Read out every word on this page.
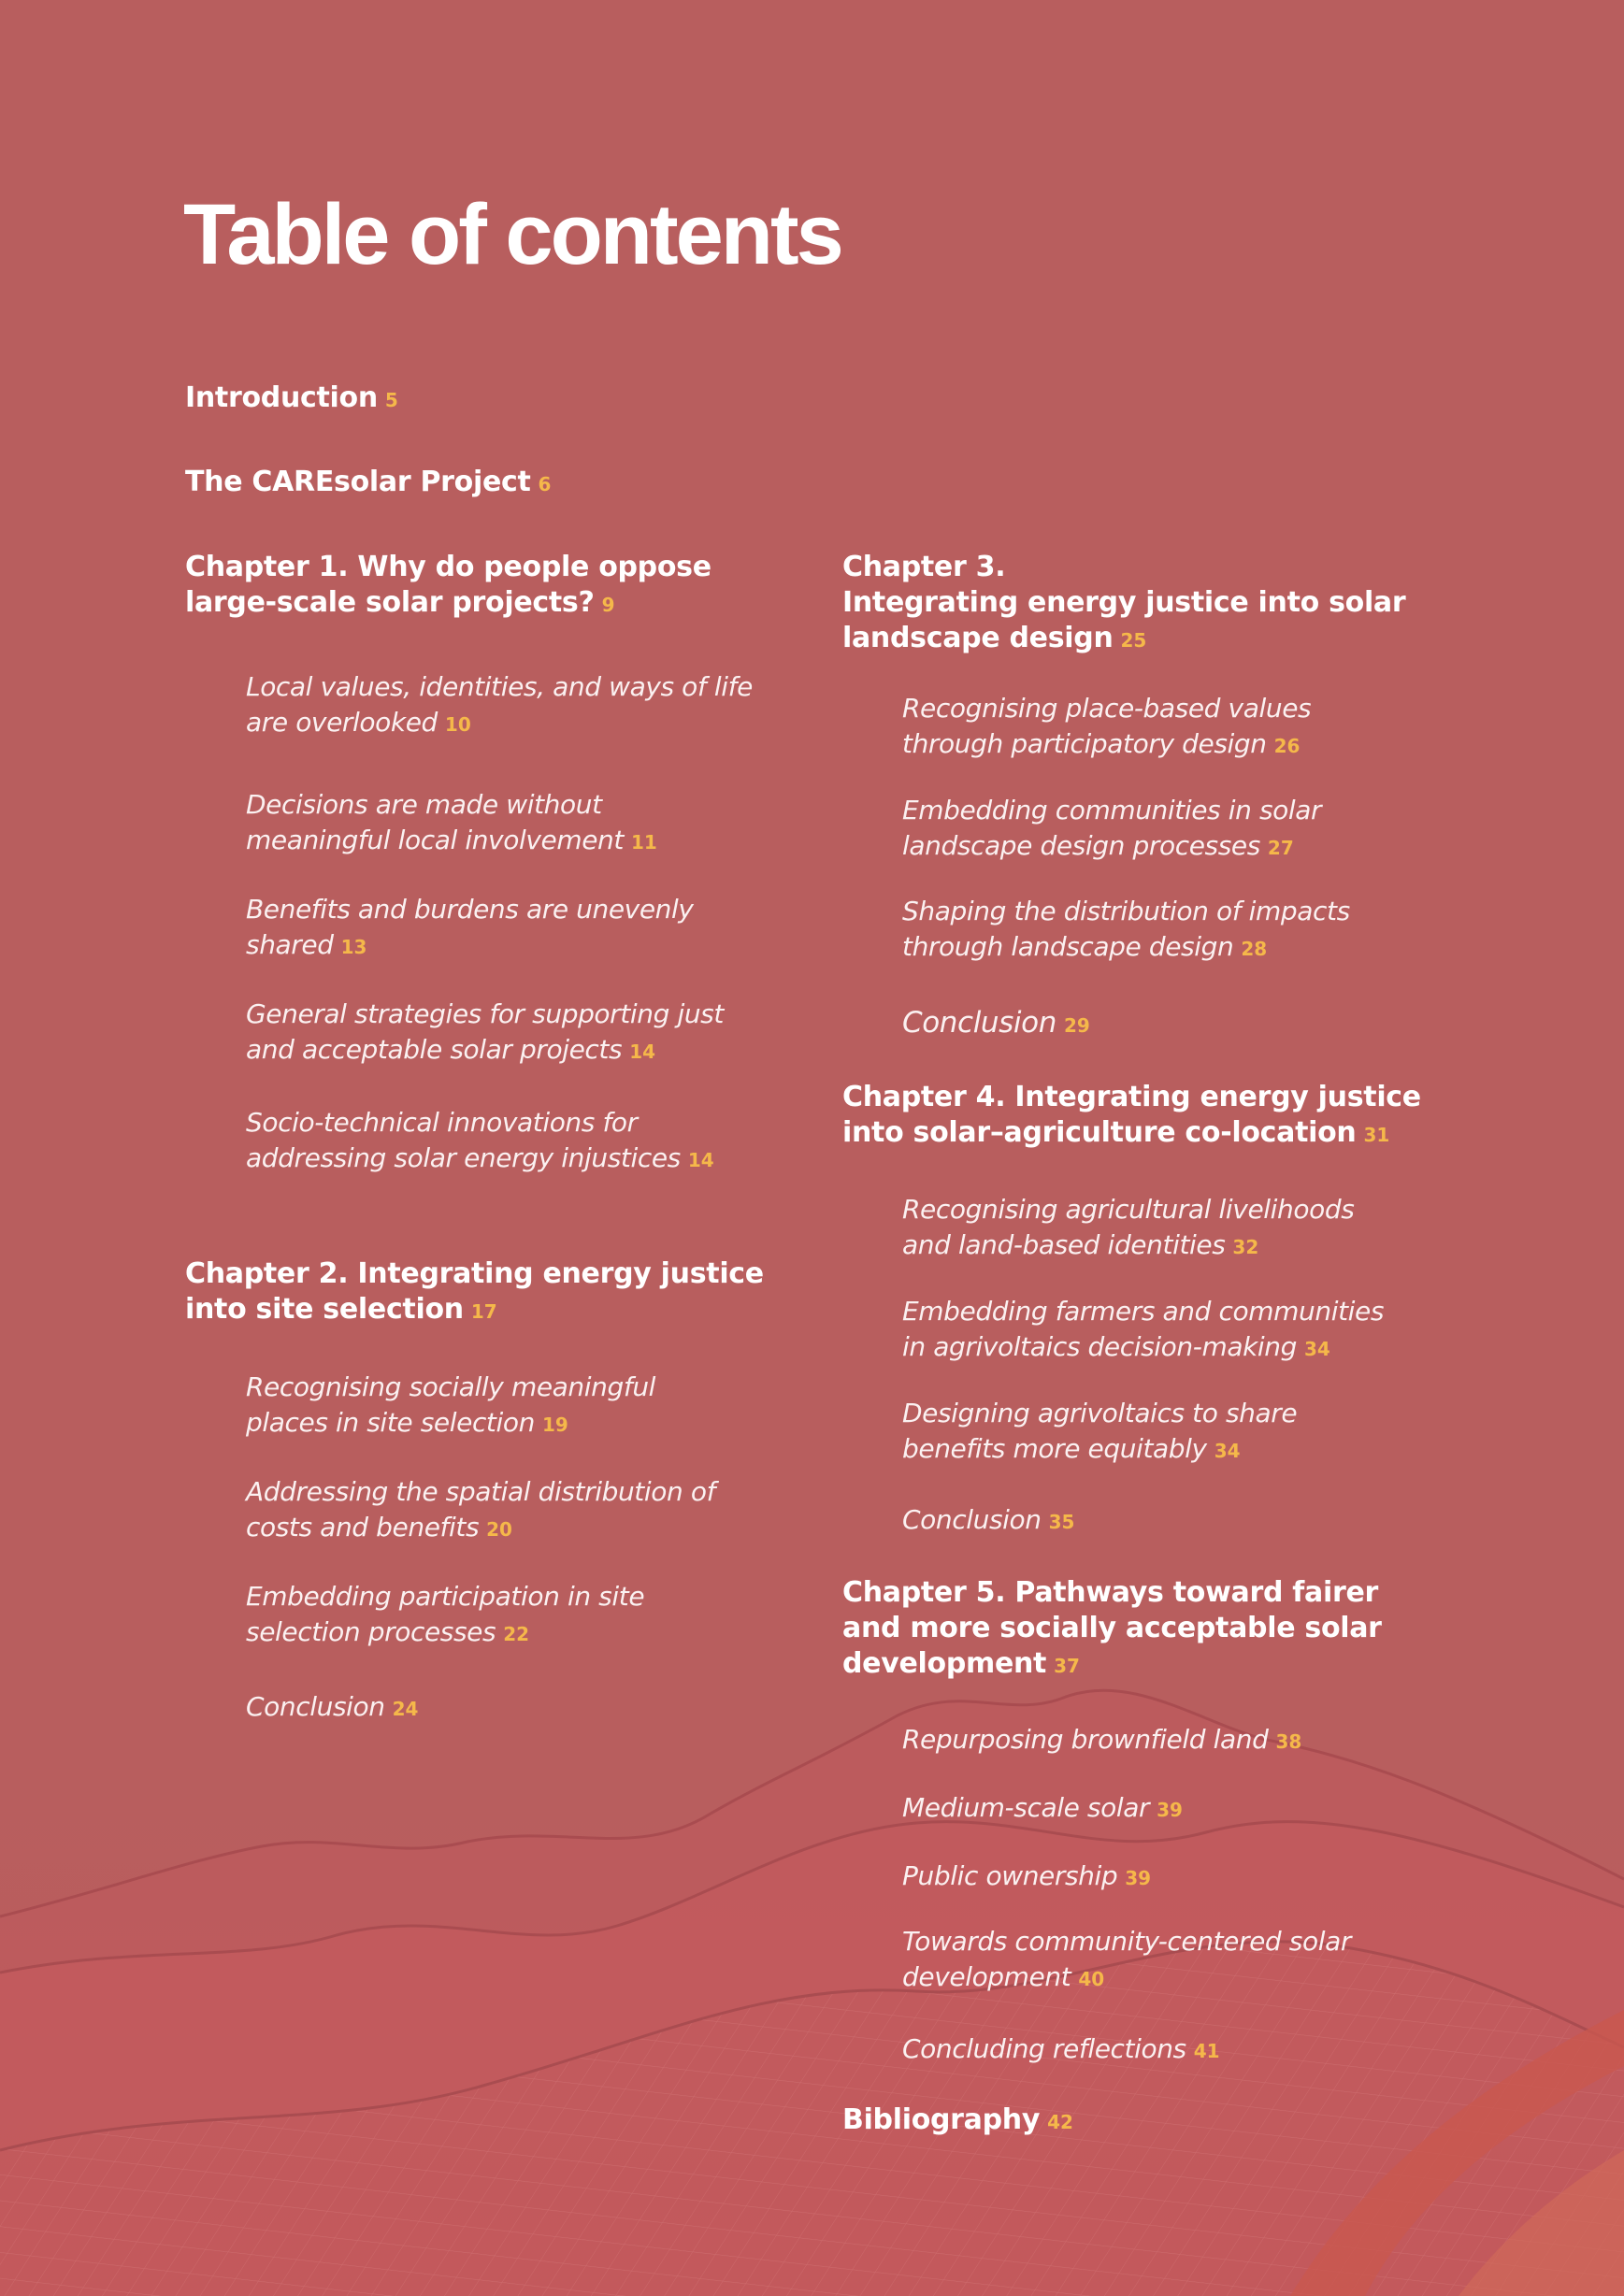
Table of contents
Introduction 5
The CAREsolar Project 6
Chapter 1. Why do people oppose
large-scale solar projects? 9
Local values, identities, and ways of life
are overlooked 10
Decisions are made without
meaningful local involvement 11
Benefits and burdens are unevenly
shared 13
General strategies for supporting just
and acceptable solar projects 14
Socio-technical innovations for
addressing solar energy injustices 14
Chapter 2. Integrating energy justice
into site selection 17
Recognising socially meaningful
places in site selection 19
Addressing the spatial distribution of
costs and benefits 20
Embedding participation in site
selection processes 22
Conclusion 24
Chapter 3.
Integrating energy justice into solar
landscape design 25
Recognising place-based values
through participatory design 26
Embedding communities in solar
landscape design processes 27
Shaping the distribution of impacts
through landscape design 28
Conclusion 29
Chapter 4. Integrating energy justice
into solar–agriculture co-location 31
Recognising agricultural livelihoods
and land-based identities 32
Embedding farmers and communities
in agrivoltaics decision-making 34
Designing agrivoltaics to share
benefits more equitably 34
Conclusion 35
Chapter 5. Pathways toward fairer
and more socially acceptable solar
development 37
Repurposing brownfield land 38
Medium-scale solar 39
Public ownership 39
Towards community-centered solar
development 40
Concluding reflections 41
Bibliography 42
